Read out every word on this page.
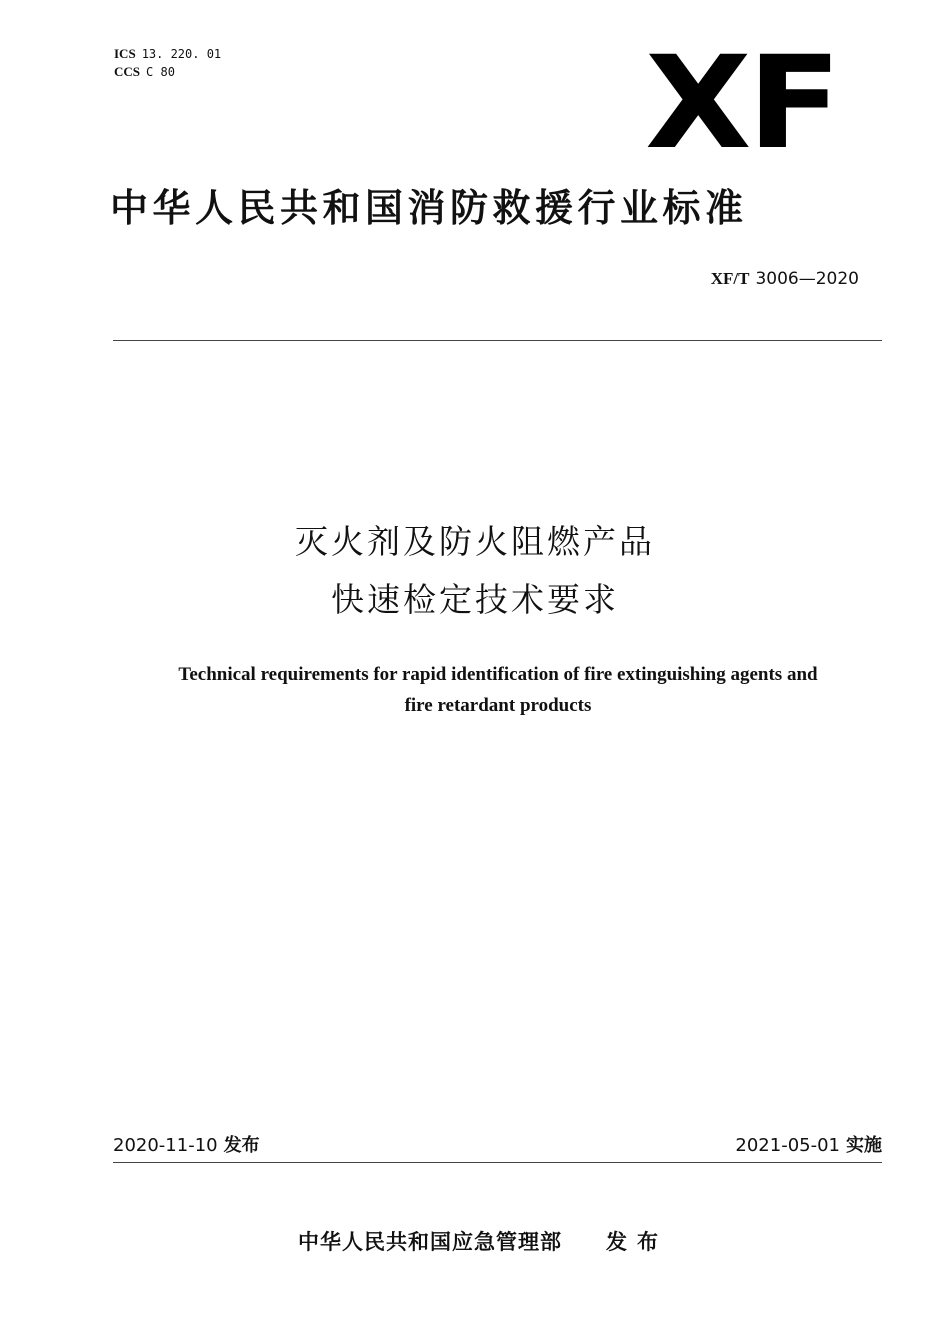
ICS 13. 220. 01
CCS C 80	XF
中华人民共和国消防救援行业标准
XF/T 3006—2020
灭火剂及防火阻燃产品
快速检定技术要求
Technical requirements for rapid identification of fire extinguishing agents and
fire retardant products
2020-11-10 发布	2021-05-01 实施
中华人民共和国应急管理部 发布
